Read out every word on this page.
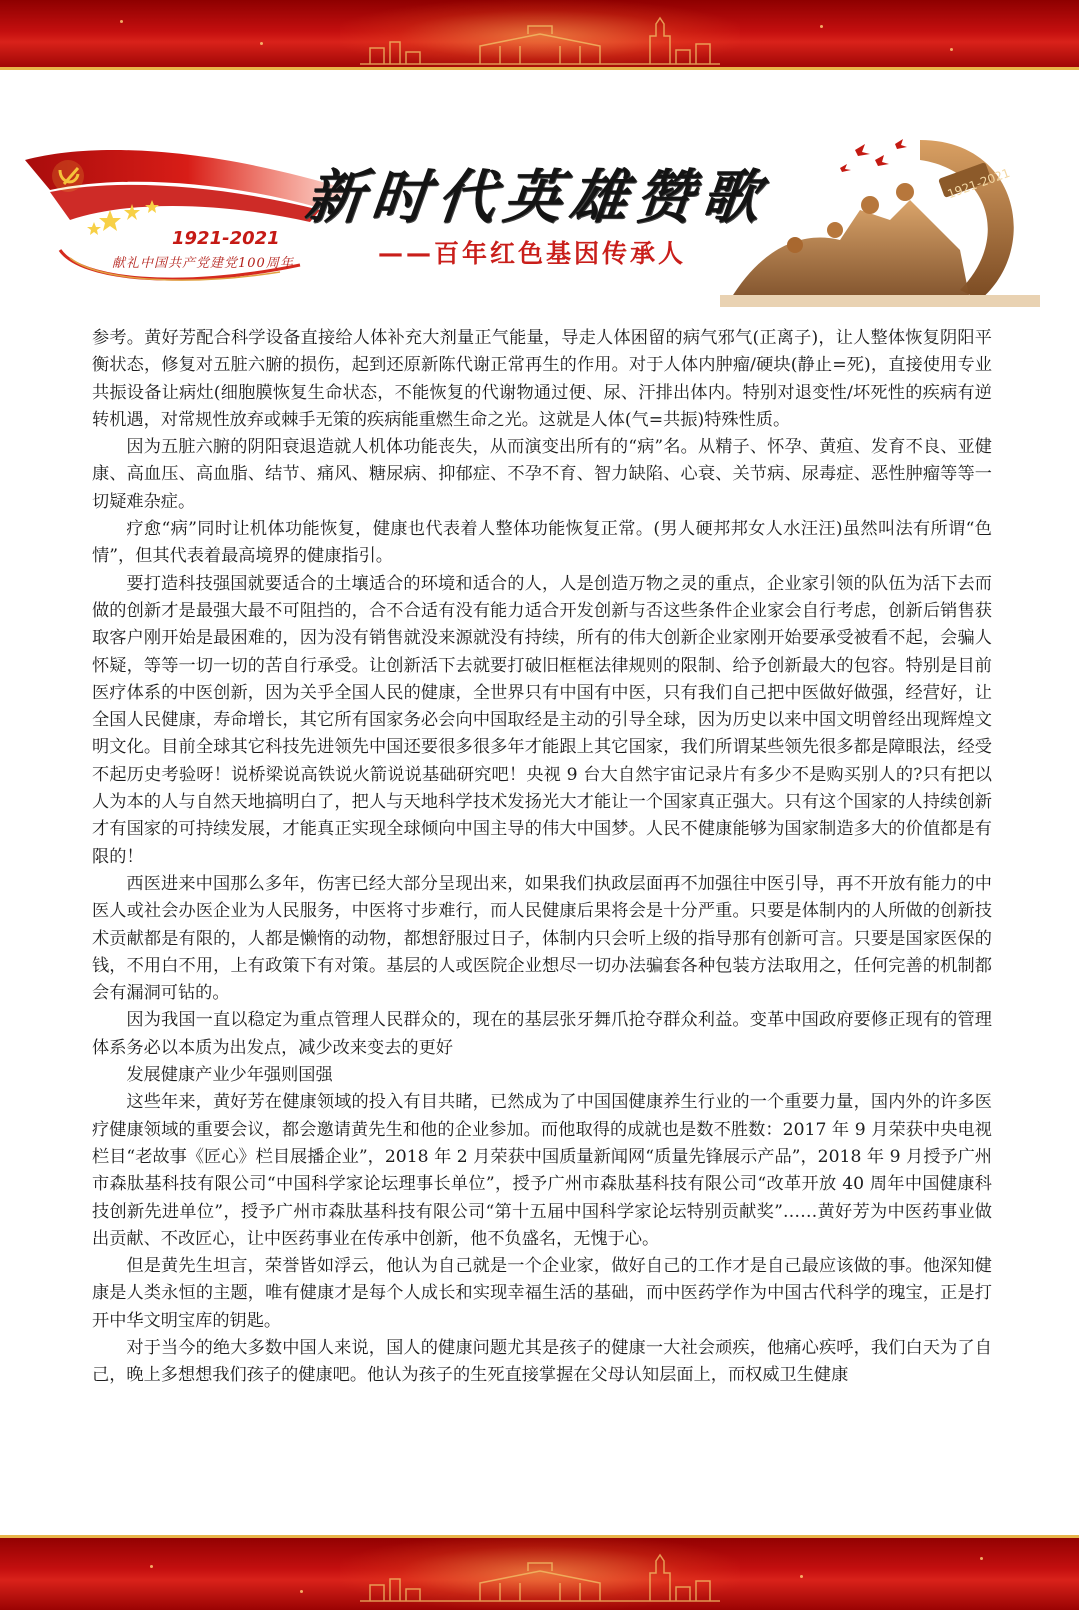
1921-2021
献礼中国共产党建党100周年
新时代英雄赞歌
——百年红色基因传承人
1921-2021

参考。黄好芳配合科学设备直接给人体补充大剂量正气能量，导走人体困留的病气邪气(正离子)，让人整体恢复阴阳平衡状态，修复对五脏六腑的损伤，起到还原新陈代谢正常再生的作用。对于人体内肿瘤/硬块(静止=死)，直接使用专业共振设备让病灶(细胞膜恢复生命状态，不能恢复的代谢物通过便、尿、汗排出体内。特别对退变性/坏死性的疾病有逆转机遇，对常规性放弃或棘手无策的疾病能重燃生命之光。这就是人体(气=共振)特殊性质。

因为五脏六腑的阴阳衰退造就人机体功能丧失，从而演变出所有的“病”名。从精子、怀孕、黄疸、发育不良、亚健康、高血压、高血脂、结节、痛风、糖尿病、抑郁症、不孕不育、智力缺陷、心衰、关节病、尿毒症、恶性肿瘤等等一切疑难杂症。

疗愈“病”同时让机体功能恢复，健康也代表着人整体功能恢复正常。(男人硬邦邦女人水汪汪)虽然叫法有所谓“色情”，但其代表着最高境界的健康指引。

要打造科技强国就要适合的土壤适合的环境和适合的人，人是创造万物之灵的重点，企业家引领的队伍为活下去而做的创新才是最强大最不可阻挡的，合不合适有没有能力适合开发创新与否这些条件企业家会自行考虑，创新后销售获取客户刚开始是最困难的，因为没有销售就没来源就没有持续，所有的伟大创新企业家刚开始要承受被看不起，会骗人怀疑，等等一切一切的苦自行承受。让创新活下去就要打破旧框框法律规则的限制、给予创新最大的包容。特别是目前医疗体系的中医创新，因为关乎全国人民的健康，全世界只有中国有中医，只有我们自己把中医做好做强，经营好，让全国人民健康，寿命增长，其它所有国家务必会向中国取经是主动的引导全球，因为历史以来中国文明曾经出现辉煌文明文化。目前全球其它科技先进领先中国还要很多很多年才能跟上其它国家，我们所谓某些领先很多都是障眼法，经受不起历史考验呀！说桥梁说高铁说火箭说说基础研究吧！央视 9 台大自然宇宙记录片有多少不是购买别人的?只有把以人为本的人与自然天地搞明白了，把人与天地科学技术发扬光大才能让一个国家真正强大。只有这个国家的人持续创新才有国家的可持续发展，才能真正实现全球倾向中国主导的伟大中国梦。人民不健康能够为国家制造多大的价值都是有限的！

西医进来中国那么多年，伤害已经大部分呈现出来，如果我们执政层面再不加强往中医引导，再不开放有能力的中医人或社会办医企业为人民服务，中医将寸步难行，而人民健康后果将会是十分严重。只要是体制内的人所做的创新技术贡献都是有限的，人都是懒惰的动物，都想舒服过日子，体制内只会听上级的指导那有创新可言。只要是国家医保的钱，不用白不用，上有政策下有对策。基层的人或医院企业想尽一切办法骗套各种包装方法取用之，任何完善的机制都会有漏洞可钻的。

因为我国一直以稳定为重点管理人民群众的，现在的基层张牙舞爪抢夺群众利益。变革中国政府要修正现有的管理体系务必以本质为出发点，减少改来变去的更好

发展健康产业少年强则国强

这些年来，黄好芳在健康领域的投入有目共睹，已然成为了中国国健康养生行业的一个重要力量，国内外的许多医疗健康领域的重要会议，都会邀请黄先生和他的企业参加。而他取得的成就也是数不胜数：2017 年 9 月荣获中央电视栏目“老故事《匠心》栏目展播企业”，2018 年 2 月荣获中国质量新闻网“质量先锋展示产品”，2018 年 9 月授予广州市森肽基科技有限公司“中国科学家论坛理事长单位”，授予广州市森肽基科技有限公司“改革开放 40 周年中国健康科技创新先进单位”，授予广州市森肽基科技有限公司“第十五届中国科学家论坛特别贡献奖”……黄好芳为中医药事业做出贡献、不改匠心，让中医药事业在传承中创新，他不负盛名，无愧于心。

但是黄先生坦言，荣誉皆如浮云，他认为自己就是一个企业家，做好自己的工作才是自己最应该做的事。他深知健康是人类永恒的主题，唯有健康才是每个人成长和实现幸福生活的基础，而中医药学作为中国古代科学的瑰宝，正是打开中华文明宝库的钥匙。

对于当今的绝大多数中国人来说，国人的健康问题尤其是孩子的健康一大社会顽疾，他痛心疾呼，我们白天为了自己，晚上多想想我们孩子的健康吧。他认为孩子的生死直接掌握在父母认知层面上，而权威卫生健康
